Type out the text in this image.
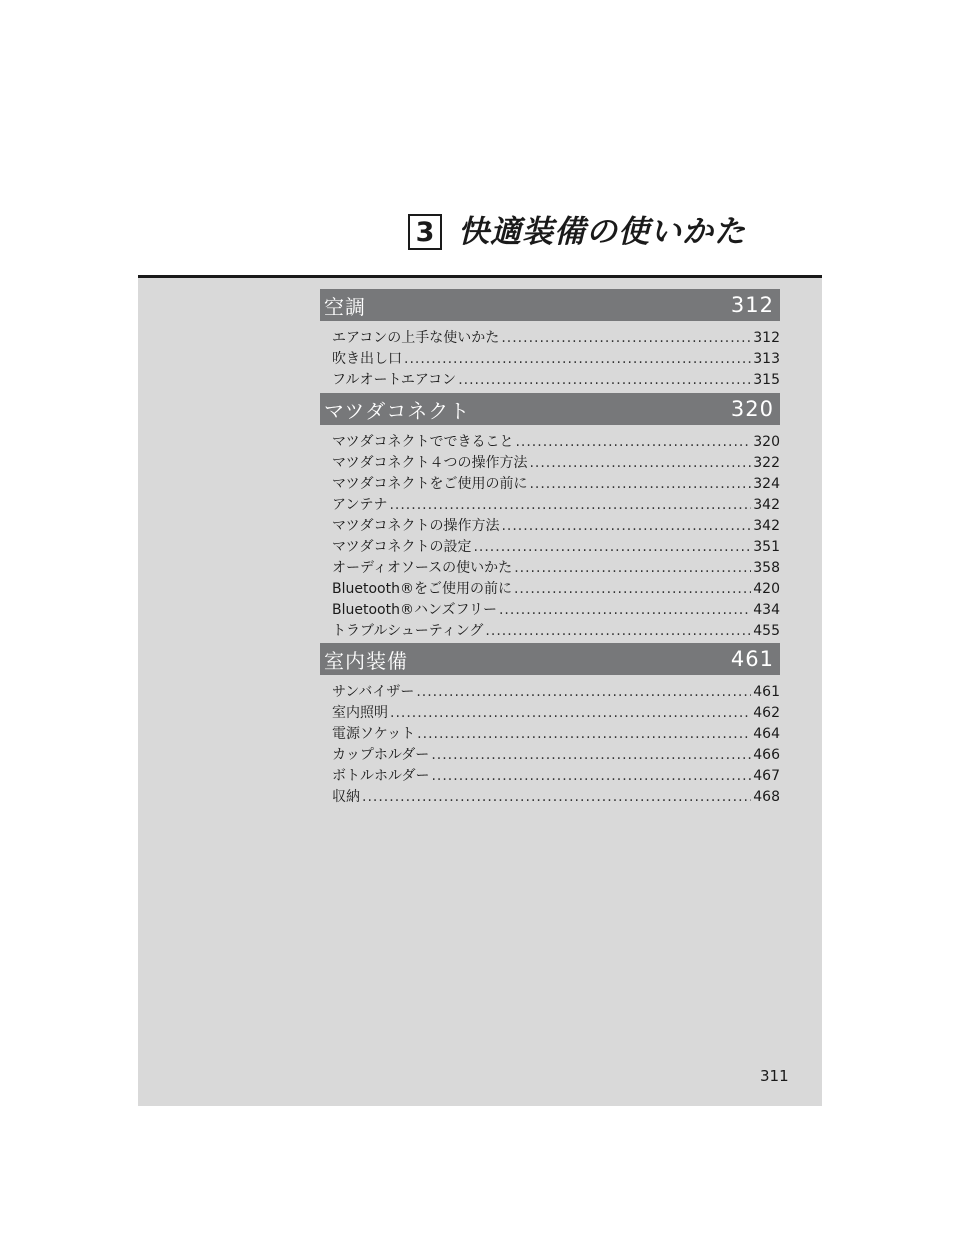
3 快適装備の使いかた
空調	312
エアコンの上手な使いかた .....	312
吹き出し口 .....	313
フルオートエアコン .....	315
マツダコネクト	320
マツダコネクトでできること .....	320
マツダコネクト４つの操作方法 .....	322
マツダコネクトをご使用の前に .....	324
アンテナ .....	342
マツダコネクトの操作方法 .....	342
マツダコネクトの設定 .....	351
オーディオソースの使いかた .....	358
Bluetooth®をご使用の前に .....	420
Bluetooth®ハンズフリー .....	434
トラブルシューティング .....	455
室内装備	461
サンバイザー .....	461
室内照明 .....	462
電源ソケット .....	464
カップホルダー .....	466
ボトルホルダー .....	467
収納 .....	468
311
